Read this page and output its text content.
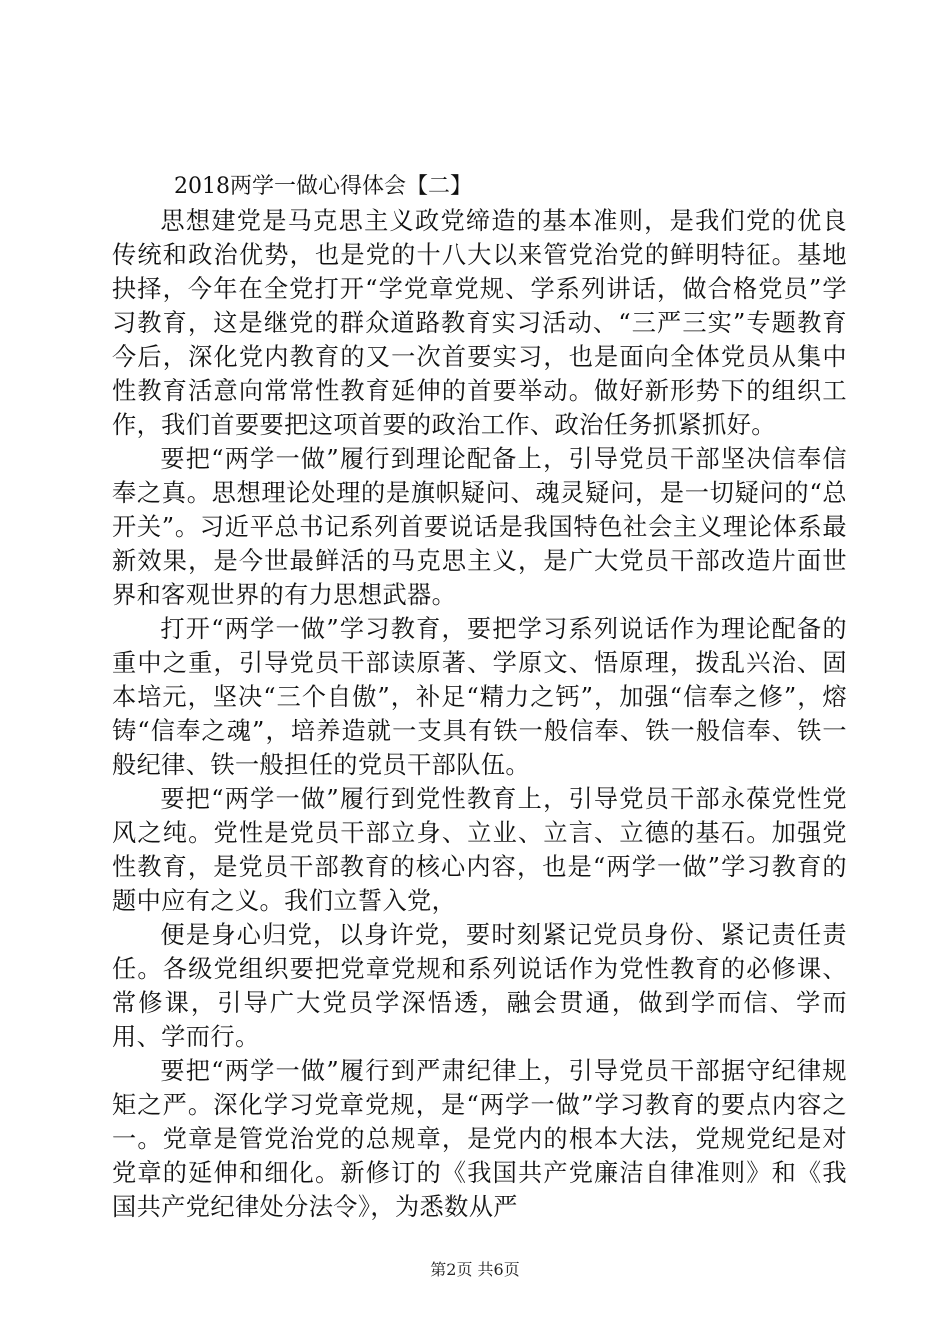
2018两学一做心得体会【二】

思想建党是马克思主义政党缔造的基本准则，是我们党的优良传统和政治优势，也是党的十八大以来管党治党的鲜明特征。基地抉择，今年在全党打开“学党章党规、学系列讲话，做合格党员”学习教育，这是继党的群众道路教育实习活动、“三严三实”专题教育今后，深化党内教育的又一次首要实习，也是面向全体党员从集中性教育活意向常常性教育延伸的首要举动。做好新形势下的组织工作，我们首要要把这项首要的政治工作、政治任务抓紧抓好。

要把“两学一做”履行到理论配备上，引导党员干部坚决信奉信奉之真。思想理论处理的是旗帜疑问、魂灵疑问，是一切疑问的“总开关”。习近平总书记系列首要说话是我国特色社会主义理论体系最新效果，是今世最鲜活的马克思主义，是广大党员干部改造片面世界和客观世界的有力思想武器。

打开“两学一做”学习教育，要把学习系列说话作为理论配备的重中之重，引导党员干部读原著、学原文、悟原理，拨乱兴治、固本培元，坚决“三个自傲”，补足“精力之钙”，加强“信奉之修”，熔铸“信奉之魂”，培养造就一支具有铁一般信奉、铁一般信奉、铁一般纪律、铁一般担任的党员干部队伍。

要把“两学一做”履行到党性教育上，引导党员干部永葆党性党风之纯。党性是党员干部立身、立业、立言、立德的基石。加强党性教育，是党员干部教育的核心内容，也是“两学一做”学习教育的题中应有之义。我们立誓入党，

便是身心归党，以身许党，要时刻紧记党员身份、紧记责任责任。各级党组织要把党章党规和系列说话作为党性教育的必修课、常修课，引导广大党员学深悟透，融会贯通，做到学而信、学而用、学而行。

要把“两学一做”履行到严肃纪律上，引导党员干部据守纪律规矩之严。深化学习党章党规，是“两学一做”学习教育的要点内容之一。党章是管党治党的总规章，是党内的根本大法，党规党纪是对党章的延伸和细化。新修订的《我国共产党廉洁自律准则》和《我国共产党纪律处分法令》，为悉数从严

第2页 共6页
